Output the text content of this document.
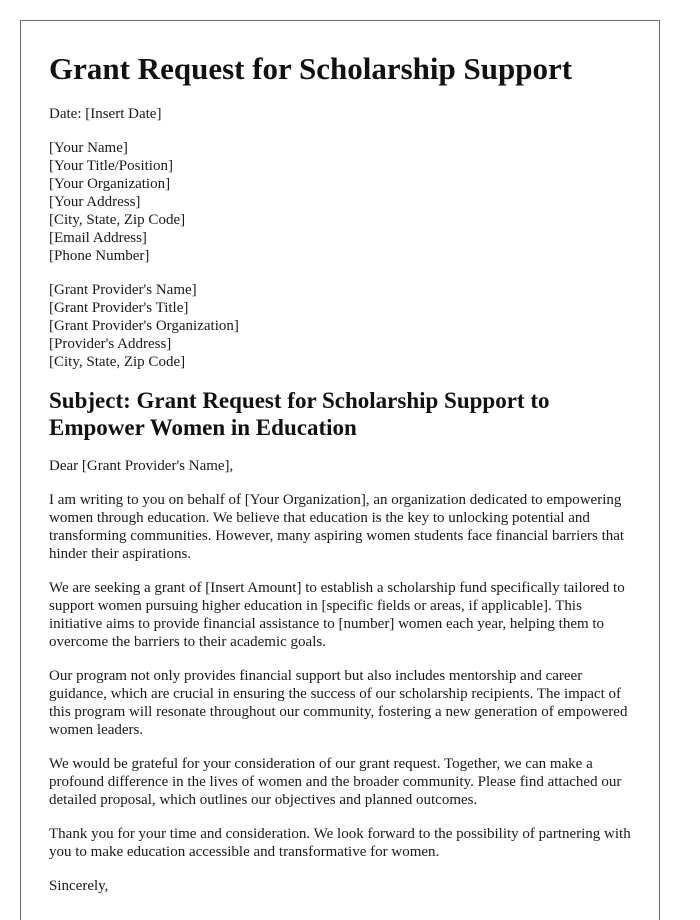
Grant Request for Scholarship Support
Date: [Insert Date]
[Your Name]
[Your Title/Position]
[Your Organization]
[Your Address]
[City, State, Zip Code]
[Email Address]
[Phone Number]
[Grant Provider's Name]
[Grant Provider's Title]
[Grant Provider's Organization]
[Provider's Address]
[City, State, Zip Code]
Subject: Grant Request for Scholarship Support to Empower Women in Education
Dear [Grant Provider's Name],
I am writing to you on behalf of [Your Organization], an organization dedicated to empowering women through education. We believe that education is the key to unlocking potential and transforming communities. However, many aspiring women students face financial barriers that hinder their aspirations.
We are seeking a grant of [Insert Amount] to establish a scholarship fund specifically tailored to support women pursuing higher education in [specific fields or areas, if applicable]. This initiative aims to provide financial assistance to [number] women each year, helping them to overcome the barriers to their academic goals.
Our program not only provides financial support but also includes mentorship and career guidance, which are crucial in ensuring the success of our scholarship recipients. The impact of this program will resonate throughout our community, fostering a new generation of empowered women leaders.
We would be grateful for your consideration of our grant request. Together, we can make a profound difference in the lives of women and the broader community. Please find attached our detailed proposal, which outlines our objectives and planned outcomes.
Thank you for your time and consideration. We look forward to the possibility of partnering with you to make education accessible and transformative for women.
Sincerely,
